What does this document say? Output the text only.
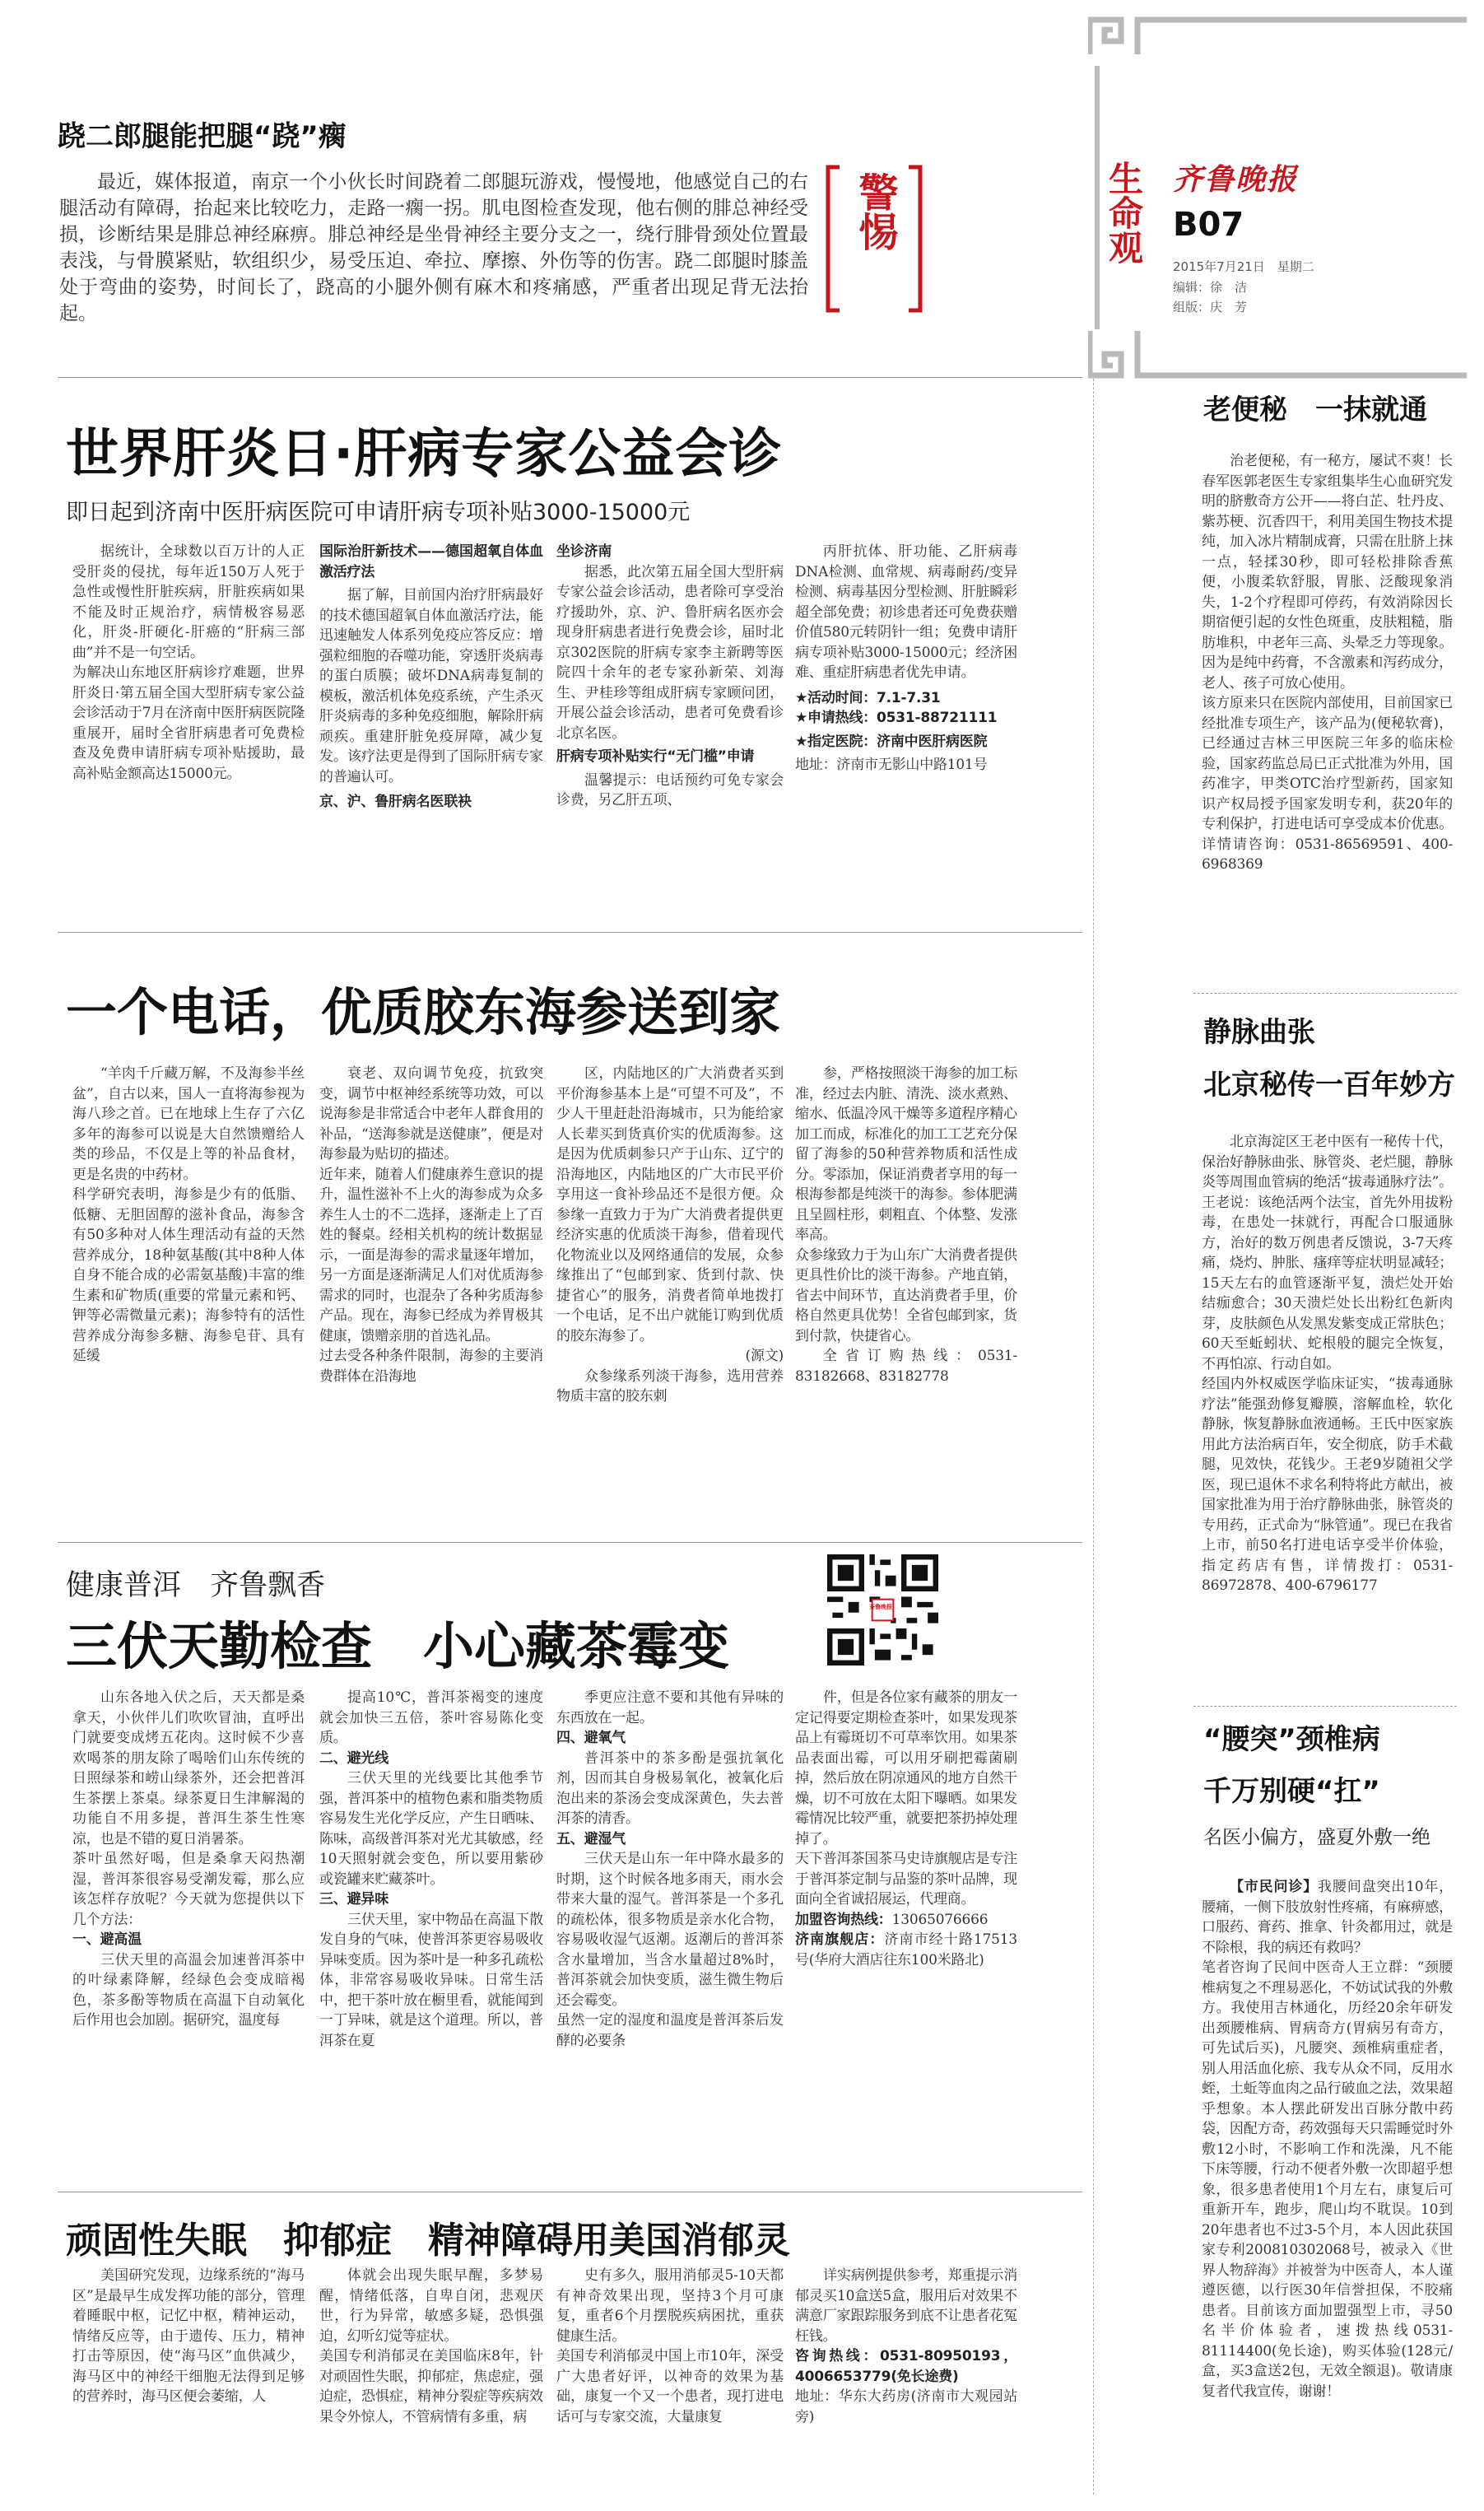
生命观 齐鲁晚报
B07
2015年7月21日　星期二
编辑：徐　洁
组版：庆　芳
警惕
跷二郎腿能把腿“跷”瘸
最近，媒体报道，南京一个小伙长时间跷着二郎腿玩游戏，慢慢地，他感觉自己的右腿活动有障碍，抬起来比较吃力，走路一瘸一拐。肌电图检查发现，他右侧的腓总神经受损，诊断结果是腓总神经麻痹。腓总神经是坐骨神经主要分支之一，绕行腓骨颈处位置最表浅，与骨膜紧贴，软组织少，易受压迫、牵拉、摩擦、外伤等的伤害。跷二郎腿时膝盖处于弯曲的姿势，时间长了，跷高的小腿外侧有麻木和疼痛感，严重者出现足背无法抬起。
世界肝炎日·肝病专家公益会诊
即日起到济南中医肝病医院可申请肝病专项补贴3000-15000元

据统计，全球数以百万计的人正受肝炎的侵扰，每年近150万人死于急性或慢性肝脏疾病，肝脏疾病如果不能及时正规治疗，病情极容易恶化，肝炎-肝硬化-肝癌的“肝病三部曲”并不是一句空话。
为解决山东地区肝病诊疗难题，世界肝炎日·第五届全国大型肝病专家公益会诊活动于7月在济南中医肝病医院隆重展开，届时全省肝病患者可免费检查及免费申请肝病专项补贴援助，最高补贴金额高达15000元。

国际治肝新技术——德国超氧自体血激活疗法

据了解，目前国内治疗肝病最好的技术德国超氧自体血激活疗法，能迅速触发人体系列免疫应答反应：增强粒细胞的吞噬功能，穿透肝炎病毒的蛋白质膜；破坏DNA病毒复制的模板，激活机体免疫系统，产生杀灭肝炎病毒的多种免疫细胞，解除肝病顽疾。重建肝脏免疫屏障，减少复发。该疗法更是得到了国际肝病专家的普遍认可。

京、沪、鲁肝病名医联袂

坐诊济南

据悉，此次第五届全国大型肝病专家公益会诊活动，患者除可享受治疗援助外，京、沪、鲁肝病名医亦会现身肝病患者进行免费会诊，届时北京302医院的肝病专家李主新聘等医院四十余年的老专家孙新荣、刘海生、尹桂珍等组成肝病专家顾问团，开展公益会诊活动，患者可免费看诊北京名医。

肝病专项补贴实行“无门槛”申请

温馨提示：电话预约可免专家会诊费，另乙肝五项、

丙肝抗体、肝功能、乙肝病毒DNA检测、血常规、病毒耐药/变异检测、病毒基因分型检测、肝脏瞬彩超全部免费；初诊患者还可免费获赠价值580元转阴针一组；免费申请肝病专项补贴3000-15000元；经济困难、重症肝病患者优先申请。

★活动时间：7.1-7.31

★申请热线：0531-88721111

★指定医院：济南中医肝病医院

地址：济南市无影山中路101号

一个电话，优质胶东海参送到家

“羊肉千斤藏万解，不及海参半丝盆”，自古以来，国人一直将海参视为海八珍之首。已在地球上生存了六亿多年的海参可以说是大自然馈赠给人类的珍品，不仅是上等的补品食材，更是名贵的中药材。
科学研究表明，海参是少有的低脂、低糖、无胆固醇的滋补食品，海参含有50多种对人体生理活动有益的天然营养成分，18种氨基酸(其中8种人体自身不能合成的必需氨基酸)丰富的维生素和矿物质(重要的常量元素和钙、钾等必需微量元素)；海参特有的活性营养成分海参多糖、海参皂苷、具有延缓

衰老、双向调节免疫，抗致突变，调节中枢神经系统等功效，可以说海参是非常适合中老年人群食用的补品，“送海参就是送健康”，便是对海参最为贴切的描述。
近年来，随着人们健康养生意识的提升，温性滋补不上火的海参成为众多养生人士的不二选择，逐渐走上了百姓的餐桌。经相关机构的统计数据显示，一面是海参的需求量逐年增加，另一方面是逐渐满足人们对优质海参需求的同时，也混杂了各种劣质海参产品。现在，海参已经成为养胃极其健康，馈赠亲朋的首选礼品。
过去受各种条件限制，海参的主要消费群体在沿海地

区，内陆地区的广大消费者买到平价海参基本上是“可望不可及”，不少人干里赶赴沿海城市，只为能给家人长辈买到货真价实的优质海参。这是因为优质刺参只产于山东、辽宁的沿海地区，内陆地区的广大市民平价享用这一食补珍品还不是很方便。众参缘一直致力于为广大消费者提供更经济实惠的优质淡干海参，借着现代化物流业以及网络通信的发展，众参缘推出了“包邮到家、货到付款、快捷省心”的服务，消费者简单地拨打一个电话，足不出户就能订购到优质的胶东海参了。

(源文)

众参缘系列淡干海参，选用营养物质丰富的胶东刺

参，严格按照淡干海参的加工标准，经过去内脏、清洗、淡水煮熟、缩水、低温冷风干燥等多道程序精心加工而成，标准化的加工工艺充分保留了海参的50种营养物质和活性成分。零添加，保证消费者享用的每一根海参都是纯淡干的海参。参体肥满且呈圆柱形，刺粗直、个体整、发涨率高。
众参缘致力于为山东广大消费者提供更具性价比的淡干海参。产地直销，省去中间环节，直达消费者手里，价格自然更具优势！全省包邮到家，货到付款，快捷省心。

全省订购热线：0531-83182668、83182778

健康普洱　齐鲁飘香
三伏天勤检查　小心藏茶霉变
齐鲁晚报

山东各地入伏之后，天天都是桑拿天，小伙伴儿们吹吹冒油，直呼出门就要变成烤五花肉。这时候不少喜欢喝茶的朋友除了喝啥们山东传统的日照绿茶和崂山绿茶外，还会把普洱生茶摆上茶桌。绿茶夏日生津解渴的功能自不用多提，普洱生茶生性寒凉，也是不错的夏日消暑茶。
茶叶虽然好喝，但是桑拿天闷热潮湿，普洱茶很容易受潮发霉，那么应该怎样存放呢？今天就为您提供以下几个方法：

一、避高温

三伏天里的高温会加速普洱茶中的叶绿素降解，经绿色会变成暗褐色，茶多酚等物质在高温下自动氧化后作用也会加剧。据研究，温度每

提高10℃，普洱茶褐变的速度就会加快三五倍，茶叶容易陈化变质。

二、避光线

三伏天里的光线要比其他季节强，普洱茶中的植物色素和脂类物质容易发生光化学反应，产生日晒味、陈味，高级普洱茶对光尤其敏感，经10天照射就会变色，所以要用紫砂或瓷罐来贮藏茶叶。

三、避异味

三伏天里，家中物品在高温下散发自身的气味，使普洱茶更容易吸收异味变质。因为茶叶是一种多孔疏松体，非常容易吸收异味。日常生活中，把干茶叶放在橱里看，就能闻到一丁异味，就是这个道理。所以，普洱茶在夏

季更应注意不要和其他有异味的东西放在一起。

四、避氧气

普洱茶中的茶多酚是强抗氧化剂，因而其自身极易氧化，被氧化后泡出来的茶汤会变成深黄色，失去普洱茶的清香。

五、避湿气

三伏天是山东一年中降水最多的时期，这个时候各地多雨天，雨水会带来大量的湿气。普洱茶是一个多孔的疏松体，很多物质是亲水化合物，容易吸收湿气返潮。返潮后的普洱茶含水量增加，当含水量超过8%时，普洱茶就会加快变质，滋生微生物后还会霉变。
虽然一定的湿度和温度是普洱茶后发酵的必要条

件，但是各位家有藏茶的朋友一定记得要定期检查茶叶，如果发现茶品上有霉斑切不可草率饮用。如果茶品表面出霉，可以用牙刷把霉菌刷掉，然后放在阴凉通风的地方自然干燥，切不可放在太阳下曝晒。如果发霉情况比较严重，就要把茶扔掉处理掉了。
天下普洱茶国茶马史诗旗舰店是专注于普洱茶定制与品鉴的茶叶品牌，现面向全省诚招展运，代理商。

加盟咨询热线：13065076666

济南旗舰店：济南市经十路17513号(华府大酒店往东100米路北)

顽固性失眠　抑郁症　精神障碍用美国消郁灵

美国研究发现，边缘系统的“海马区”是最早生成发挥功能的部分，管理着睡眠中枢，记忆中枢，精神运动，情绪反应等，由于遗传、压力，精神打击等原因，使“海马区”血供减少，海马区中的神经干细胞无法得到足够的营养时，海马区便会萎缩，人

体就会出现失眠早醒，多梦易醒，情绪低落，自卑自闭，悲观厌世，行为异常，敏感多疑，恐惧强迫，幻听幻觉等症状。
美国专利消郁灵在美国临床8年，针对顽固性失眠，抑郁症，焦虑症，强迫症，恐惧症，精神分裂症等疾病效果令外惊人，不管病情有多重，病

史有多久，服用消郁灵5-10天都有神奇效果出现，坚持3个月可康复，重者6个月摆脱疾病困扰，重获健康生活。
美国专利消郁灵中国上市10年，深受广大患者好评，以神奇的效果为基础，康复一个又一个患者，现打进电话可与专家交流，大量康复

详实病例提供参考，郑重提示消郁灵买10盒送5盒，服用后对效果不满意厂家跟踪服务到底不让患者花冤枉钱。

咨询热线：0531-80950193，4006653779(免长途费)

地址：华东大药房(济南市大观园站旁)

老便秘　一抹就通

治老便秘，有一秘方，屡试不爽！长春军医郭老医生专家组集毕生心血研究发明的脐敷奇方公开——将白芷、牡丹皮、紫苏梗、沉香四干，利用美国生物技术提纯，加入冰片精制成膏，只需在肚脐上抹一点，轻揉30秒，即可轻松排除香蕉便，小腹柔软舒服，胃胀、泛酸现象消失，1-2个疗程即可停药，有效消除因长期宿便引起的女性色斑重，皮肤粗糙，脂肪堆积，中老年三高、头晕乏力等现象。因为是纯中药膏，不含激素和泻药成分，老人、孩子可放心使用。
该方原来只在医院内部使用，目前国家已经批准专项生产，该产品为(便秘软膏)，已经通过吉林三甲医院三年多的临床检验，国家药监总局已正式批准为外用，国药准字，甲类OTC治疗型新药，国家知识产权局授予国家发明专利，获20年的专利保护，打进电话可享受成本价优惠。详情请咨询：0531-86569591、400-6968369

静脉曲张
北京秘传一百年妙方

北京海淀区王老中医有一秘传十代，保治好静脉曲张、脉管炎、老烂腿，静脉炎等周围血管病的绝活“拔毒通脉疗法”。王老说：该绝活两个法宝，首先外用拔粉毒，在患处一抹就行，再配合口服通脉方，治好的数万例患者反馈说，3-7天疼痛，烧灼、肿胀、瘙痒等症状明显减轻；15天左右的血管逐渐平复，溃烂处开始结痂愈合；30天溃烂处长出粉红色新肉芽，皮肤颜色从发黑发紫变成正常肤色；60天至蚯蚓状、蛇根般的腿完全恢复，不再怕凉、行动自如。
经国内外权威医学临床证实，“拔毒通脉疗法”能强劲修复瓣膜，溶解血栓，软化静脉，恢复静脉血液通畅。王氏中医家族用此方法治病百年，安全彻底，防手术截腿，见效快，花钱少。王老9岁随祖父学医，现已退休不求名利特将此方献出，被国家批准为用于治疗静脉曲张，脉管炎的专用药，正式命为“脉管通”。现已在我省上市，前50名打进电话享受半价体验，指定药店有售，详情拨打：0531-86972878、400-6796177

“腰突”颈椎病
千万别硬“扛”
名医小偏方，盛夏外敷一绝

【市民问诊】我腰间盘突出10年，腰痛，一侧下肢放射性疼痛，有麻痹感，口服药、膏药、推拿、针灸都用过，就是不除根，我的病还有救吗？
笔者咨询了民间中医奇人王立群：“颈腰椎病复之不理易恶化，不妨试试我的外敷方。我使用吉林通化，历经20余年研发出颈腰椎病、胃病奇方(胃病另有奇方，可先试后买)，凡腰突、颈椎病重症者，别人用活血化瘀、我专从众不同，反用水蛭，土蚯等血肉之品行破血之法，效果超乎想象。本人摆此研发出百脉分散中药袋，因配方奇，药效强每天只需睡觉时外敷12小时，不影响工作和洗澡，凡不能下床等腰，行动不便者外敷一次即超乎想象，很多患者使用1个月左右，康复后可重新开车，跑步，爬山均不耽误。10到20年患者也不过3-5个月，本人因此获国家专利200810302068号，被录入《世界人物辞海》并被誉为中医奇人，本人谨遵医德，以行医30年信誉担保，不胶痛患者。目前该方面加盟强型上市，寻50名半价体验者，速拨热线0531-81114400(免长途)，购买体验(128元/盒，买3盒送2包，无效全额退)。敬请康复者代我宣传，谢谢！
